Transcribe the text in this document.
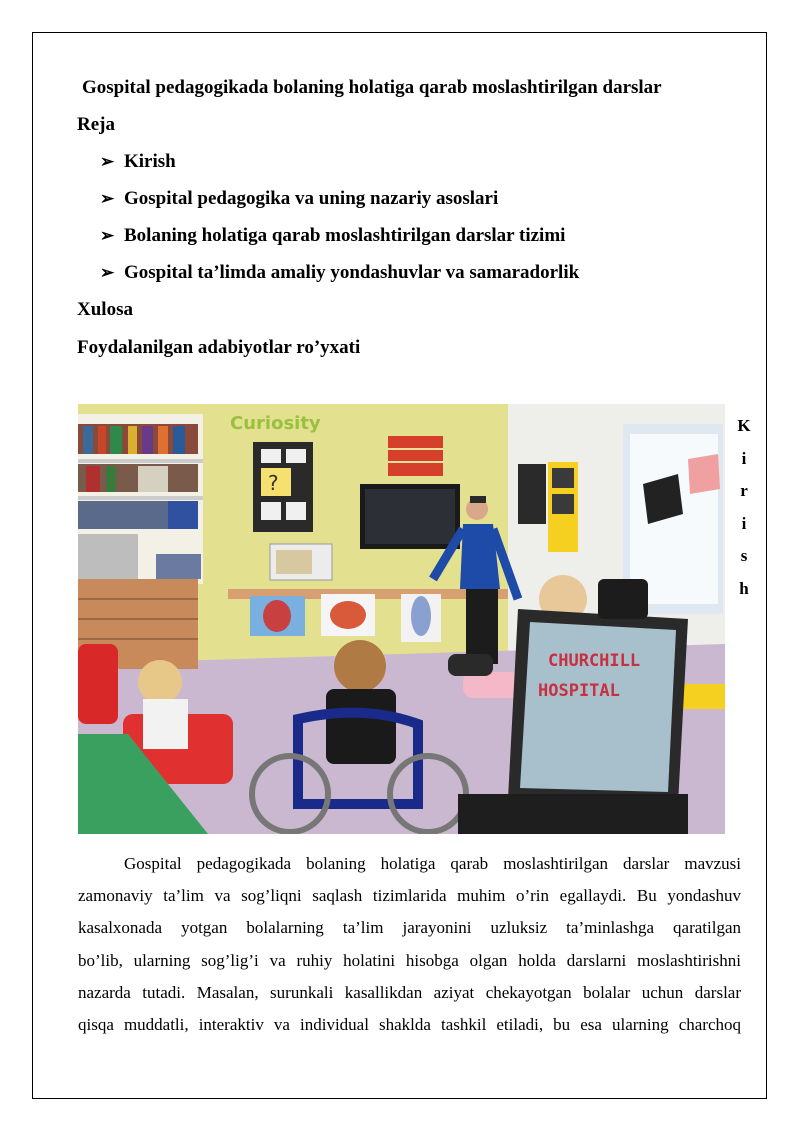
Gospital pedagogikada bolaning holatiga qarab moslashtirilgan darslar
Reja
➢ Kirish
➢ Gospital pedagogika va uning nazariy asoslari
➢ Bolaning holatiga qarab moslashtirilgan darslar tizimi
➢ Gospital ta’limda amaliy yondashuvlar va samaradorlik
Xulosa
Foydalanilgan adabiyotlar ro’yxati
Curiosity
?
CHURCHILL
HOSPITAL
K
i
r
i
s
h
Gospital pedagogikada bolaning holatiga qarab moslashtirilgan darslar mavzusi
zamonaviy ta’lim va sog’liqni saqlash tizimlarida muhim o’rin egallaydi. Bu yondashuv
kasalxonada yotgan bolalarning ta’lim jarayonini uzluksiz ta’minlashga qaratilgan
bo’lib, ularning sog’lig’i va ruhiy holatini hisobga olgan holda darslarni moslashtirishni
nazarda tutadi. Masalan, surunkali kasallikdan aziyat chekayotgan bolalar uchun darslar
qisqa muddatli, interaktiv va individual shaklda tashkil etiladi, bu esa ularning charchoq
